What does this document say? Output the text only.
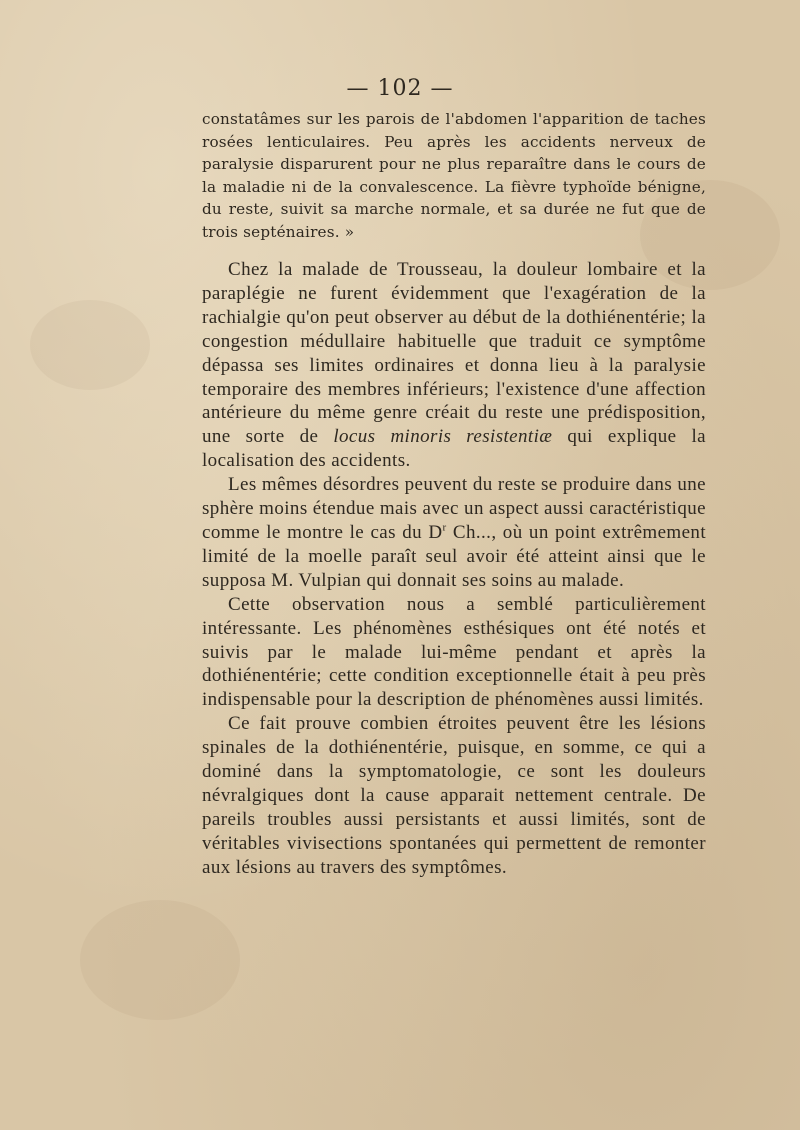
— 102 —

constatâmes sur les parois de l'abdomen l'apparition de taches rosées lenticulaires. Peu après les accidents nerveux de paralysie disparurent pour ne plus reparaître dans le cours de la maladie ni de la convalescence. La fièvre typhoïde bénigne, du reste, suivit sa marche normale, et sa durée ne fut que de trois septénaires. »

Chez la malade de Trousseau, la douleur lombaire et la paraplégie ne furent évidemment que l'exagération de la rachialgie qu'on peut observer au début de la dothiénentérie; la congestion médullaire habituelle que traduit ce symptôme dépassa ses limites ordinaires et donna lieu à la paralysie temporaire des membres inférieurs; l'existence d'une affection antérieure du même genre créait du reste une prédisposition, une sorte de locus minoris resistentiæ qui explique la localisation des accidents.

Les mêmes désordres peuvent du reste se produire dans une sphère moins étendue mais avec un aspect aussi caractéristique comme le montre le cas du $D^r$ Ch..., où un point extrêmement limité de la moelle paraît seul avoir été atteint ainsi que le supposa M. Vulpian qui donnait ses soins au malade.

Cette observation nous a semblé particulièrement intéressante. Les phénomènes esthésiques ont été notés et suivis par le malade lui-même pendant et après la dothiénentérie; cette condition exceptionnelle était à peu près indispensable pour la description de phénomènes aussi limités.

Ce fait prouve combien étroites peuvent être les lésions spinales de la dothiénentérie, puisque, en somme, ce qui a dominé dans la symptomatologie, ce sont les douleurs névralgiques dont la cause apparait nettement centrale. De pareils troubles aussi persistants et aussi limités, sont de véritables vivisections spontanées qui permettent de remonter aux lésions au travers des symptômes.
